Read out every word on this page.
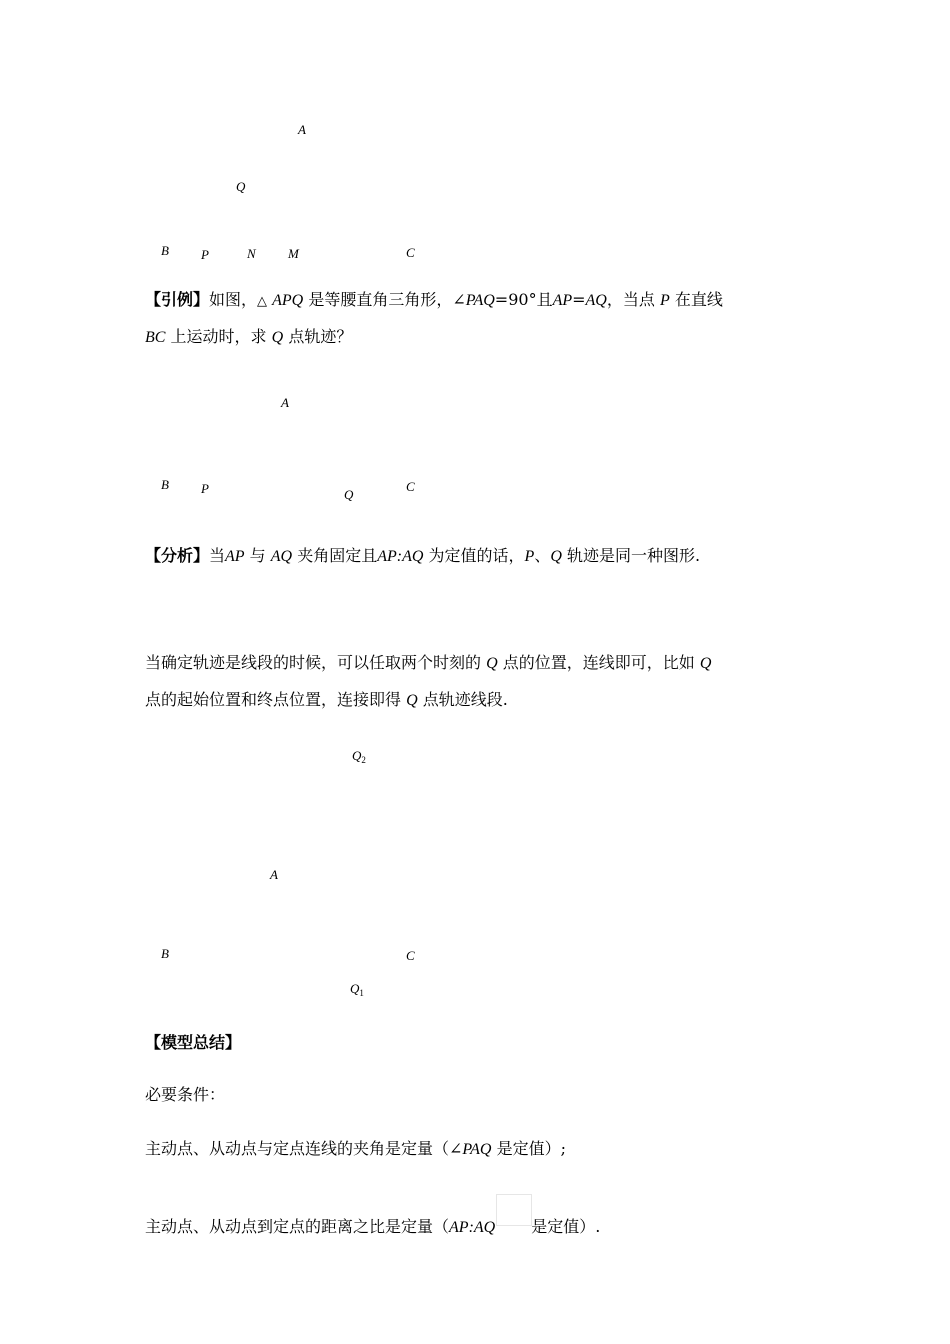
A
Q
B P	N M	C
【引例】如图，△ APQ 是等腰直角三角形，∠PAQ=90°且AP=AQ，当点 P 在直线
BC 上运动时，求 Q 点轨迹？
A
B P	Q
C
【分析】当AP 与 AQ 夹角固定且AP:AQ 为定值的话，P、Q 轨迹是同一种图形.
当确定轨迹是线段的时候，可以任取两个时刻的 Q 点的位置，连线即可，比如 Q
点的起始位置和终点位置，连接即得 Q 点轨迹线段.
$Q_2$
A
B	C
$Q_1$
【模型总结】
必要条件：
主动点、从动点与定点连线的夹角是定量（∠PAQ 是定值）;
主动点、从动点到定点的距离之比是定量（AP:AQ 是定值）.
